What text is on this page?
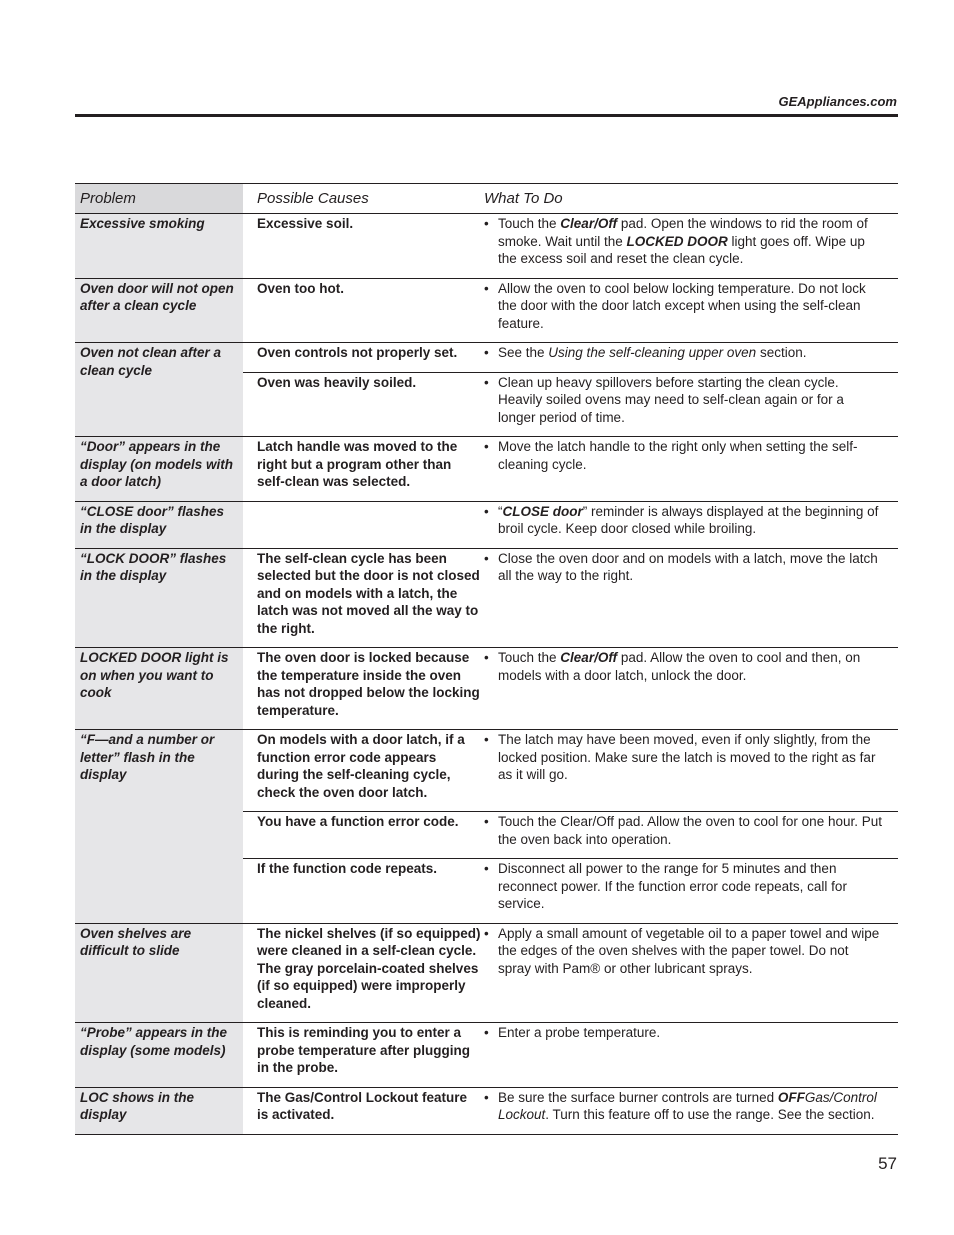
GEAppliances.com
Problem	Possible Causes	What To Do
Excessive smoking	Excessive soil.	• Touch the Clear/Off pad. Open the windows to rid the room of smoke. Wait until the LOCKED DOOR light goes off. Wipe up the excess soil and reset the clean cycle.

Oven door will not open after a clean cycle	Oven too hot.	• Allow the oven to cool below locking temperature. Do not lock the door with the door latch except when using the self-clean feature.

Oven not clean after a clean cycle	Oven controls not properly set.	• See the Using the self-cleaning upper oven section.

	Oven was heavily soiled.	• Clean up heavy spillovers before starting the clean cycle. Heavily soiled ovens may need to self-clean again or for a longer period of time.

“Door” appears in the display (on models with a door latch)	Latch handle was moved to the right but a program other than self-clean was selected.	• Move the latch handle to the right only when setting the self-cleaning cycle.

“CLOSE door” flashes in the display		• “CLOSE door” reminder is always displayed at the beginning of broil cycle. Keep door closed while broiling.

“LOCK DOOR” flashes in the display	The self-clean cycle has been selected but the door is not closed and on models with a latch, the latch was not moved all the way to the right.	• Close the oven door and on models with a latch, move the latch all the way to the right.

LOCKED DOOR light is on when you want to cook	The oven door is locked because the temperature inside the oven has not dropped below the locking temperature.	• Touch the Clear/Off pad. Allow the oven to cool and then, on models with a door latch, unlock the door.

“F—and a number or letter” flash in the display	On models with a door latch, if a function error code appears during the self-cleaning cycle, check the oven door latch.	• The latch may have been moved, even if only slightly, from the locked position. Make sure the latch is moved to the right as far as it will go.

	You have a function error code.	• Touch the Clear/Off pad. Allow the oven to cool for one hour. Put the oven back into operation.

	If the function code repeats.	• Disconnect all power to the range for 5 minutes and then reconnect power. If the function error code repeats, call for service.

Oven shelves are difficult to slide	The nickel shelves (if so equipped) were cleaned in a self-clean cycle. The gray porcelain-coated shelves (if so equipped) were improperly cleaned.	• Apply a small amount of vegetable oil to a paper towel and wipe the edges of the oven shelves with the paper towel. Do not spray with Pam® or other lubricant sprays.

“Probe” appears in the display (some models)	This is reminding you to enter a probe temperature after plugging in the probe.	• Enter a probe temperature.

LOC shows in the display	The Gas/Control Lockout feature is activated.	• Be sure the surface burner controls are turned OFFGas/Control Lockout. Turn this feature off to use the range. See the section.
57
